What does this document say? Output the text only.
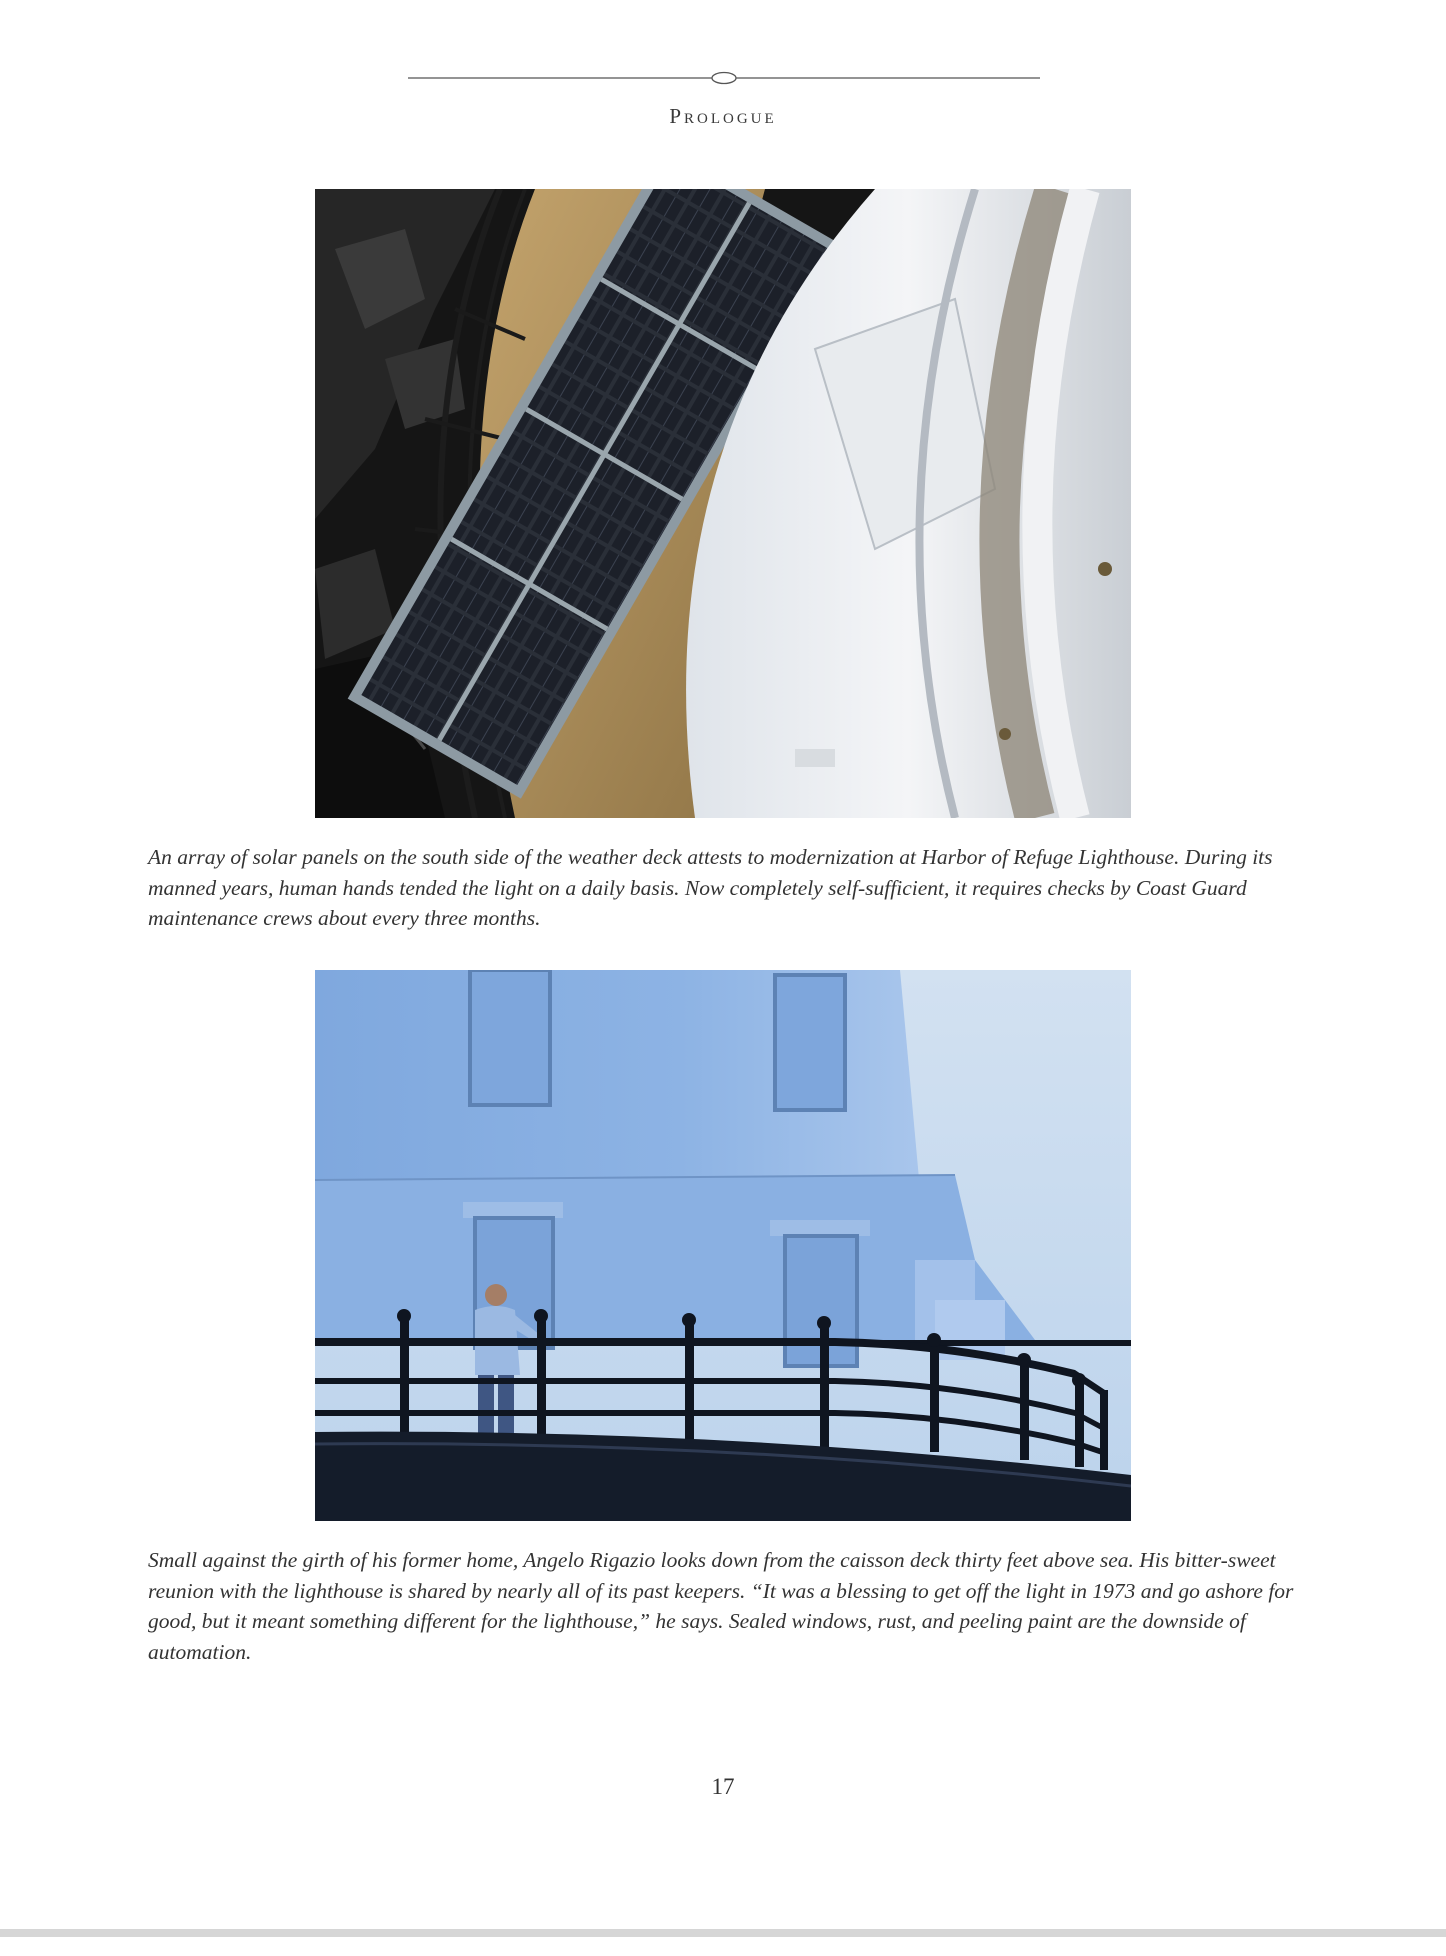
Prologue

An array of solar panels on the south side of the weather deck attests to modernization at Harbor of Refuge Lighthouse. During its manned years, human hands tended the light on a daily basis. Now completely self-sufficient, it requires checks by Coast Guard maintenance crews about every three months.

Small against the girth of his former home, Angelo Rigazio looks down from the caisson deck thirty feet above sea. His bitter-sweet reunion with the lighthouse is shared by nearly all of its past keepers. “It was a blessing to get off the light in 1973 and go ashore for good, but it meant something different for the lighthouse,” he says. Sealed windows, rust, and peeling paint are the downside of automation.

17
